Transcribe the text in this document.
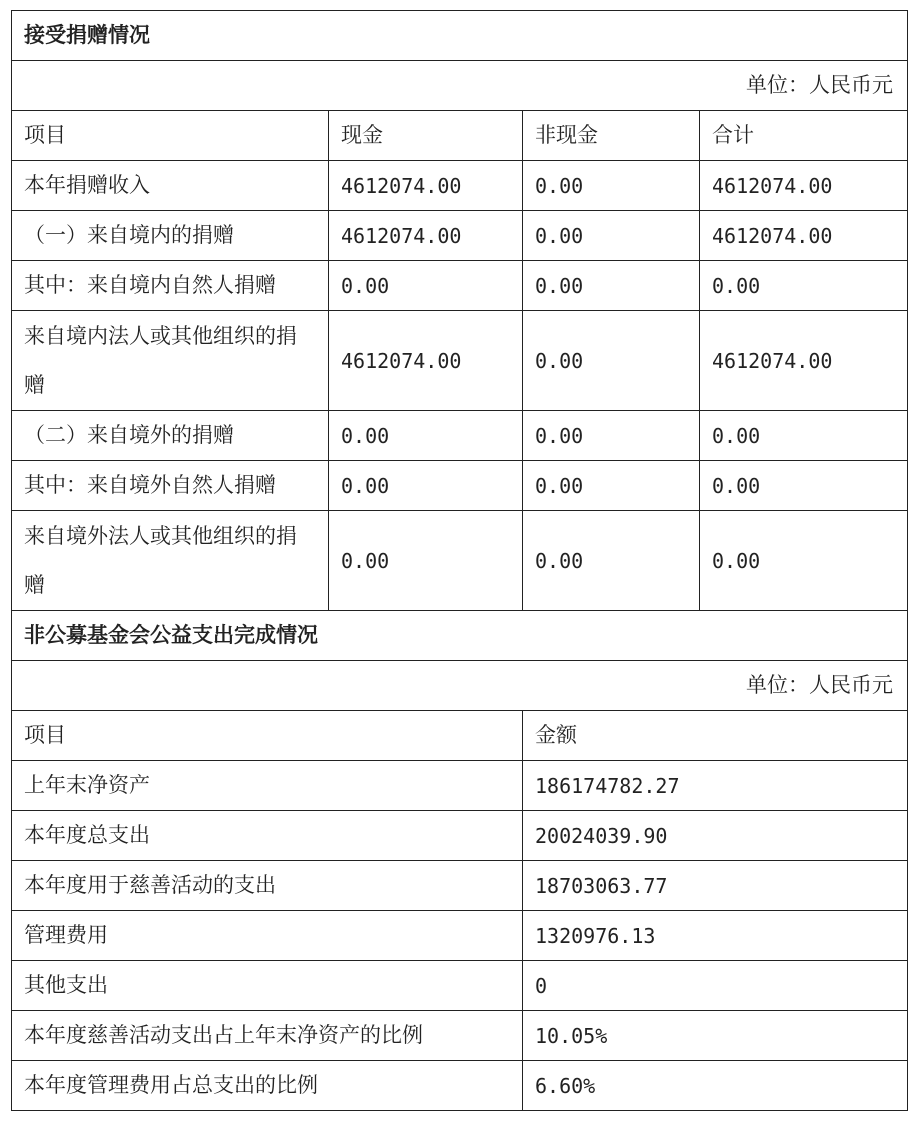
接受捐赠情况			
单位：人民币元			
项目	现金	非现金	合计
本年捐赠收入	4612074.00	0.00	4612074.00
（一）来自境内的捐赠	4612074.00	0.00	4612074.00
其中：来自境内自然人捐赠	0.00	0.00	0.00
来自境内法人或其他组织的捐赠	4612074.00	0.00	4612074.00
（二）来自境外的捐赠	0.00	0.00	0.00
其中：来自境外自然人捐赠	0.00	0.00	0.00
来自境外法人或其他组织的捐赠	0.00	0.00	0.00
非公募基金会公益支出完成情况			
单位：人民币元			
项目		金额	
上年末净资产		186174782.27	
本年度总支出		20024039.90	
本年度用于慈善活动的支出		18703063.77	
管理费用		1320976.13	
其他支出		0	
本年度慈善活动支出占上年末净资产的比例		10.05%	
本年度管理费用占总支出的比例		6.60%	
